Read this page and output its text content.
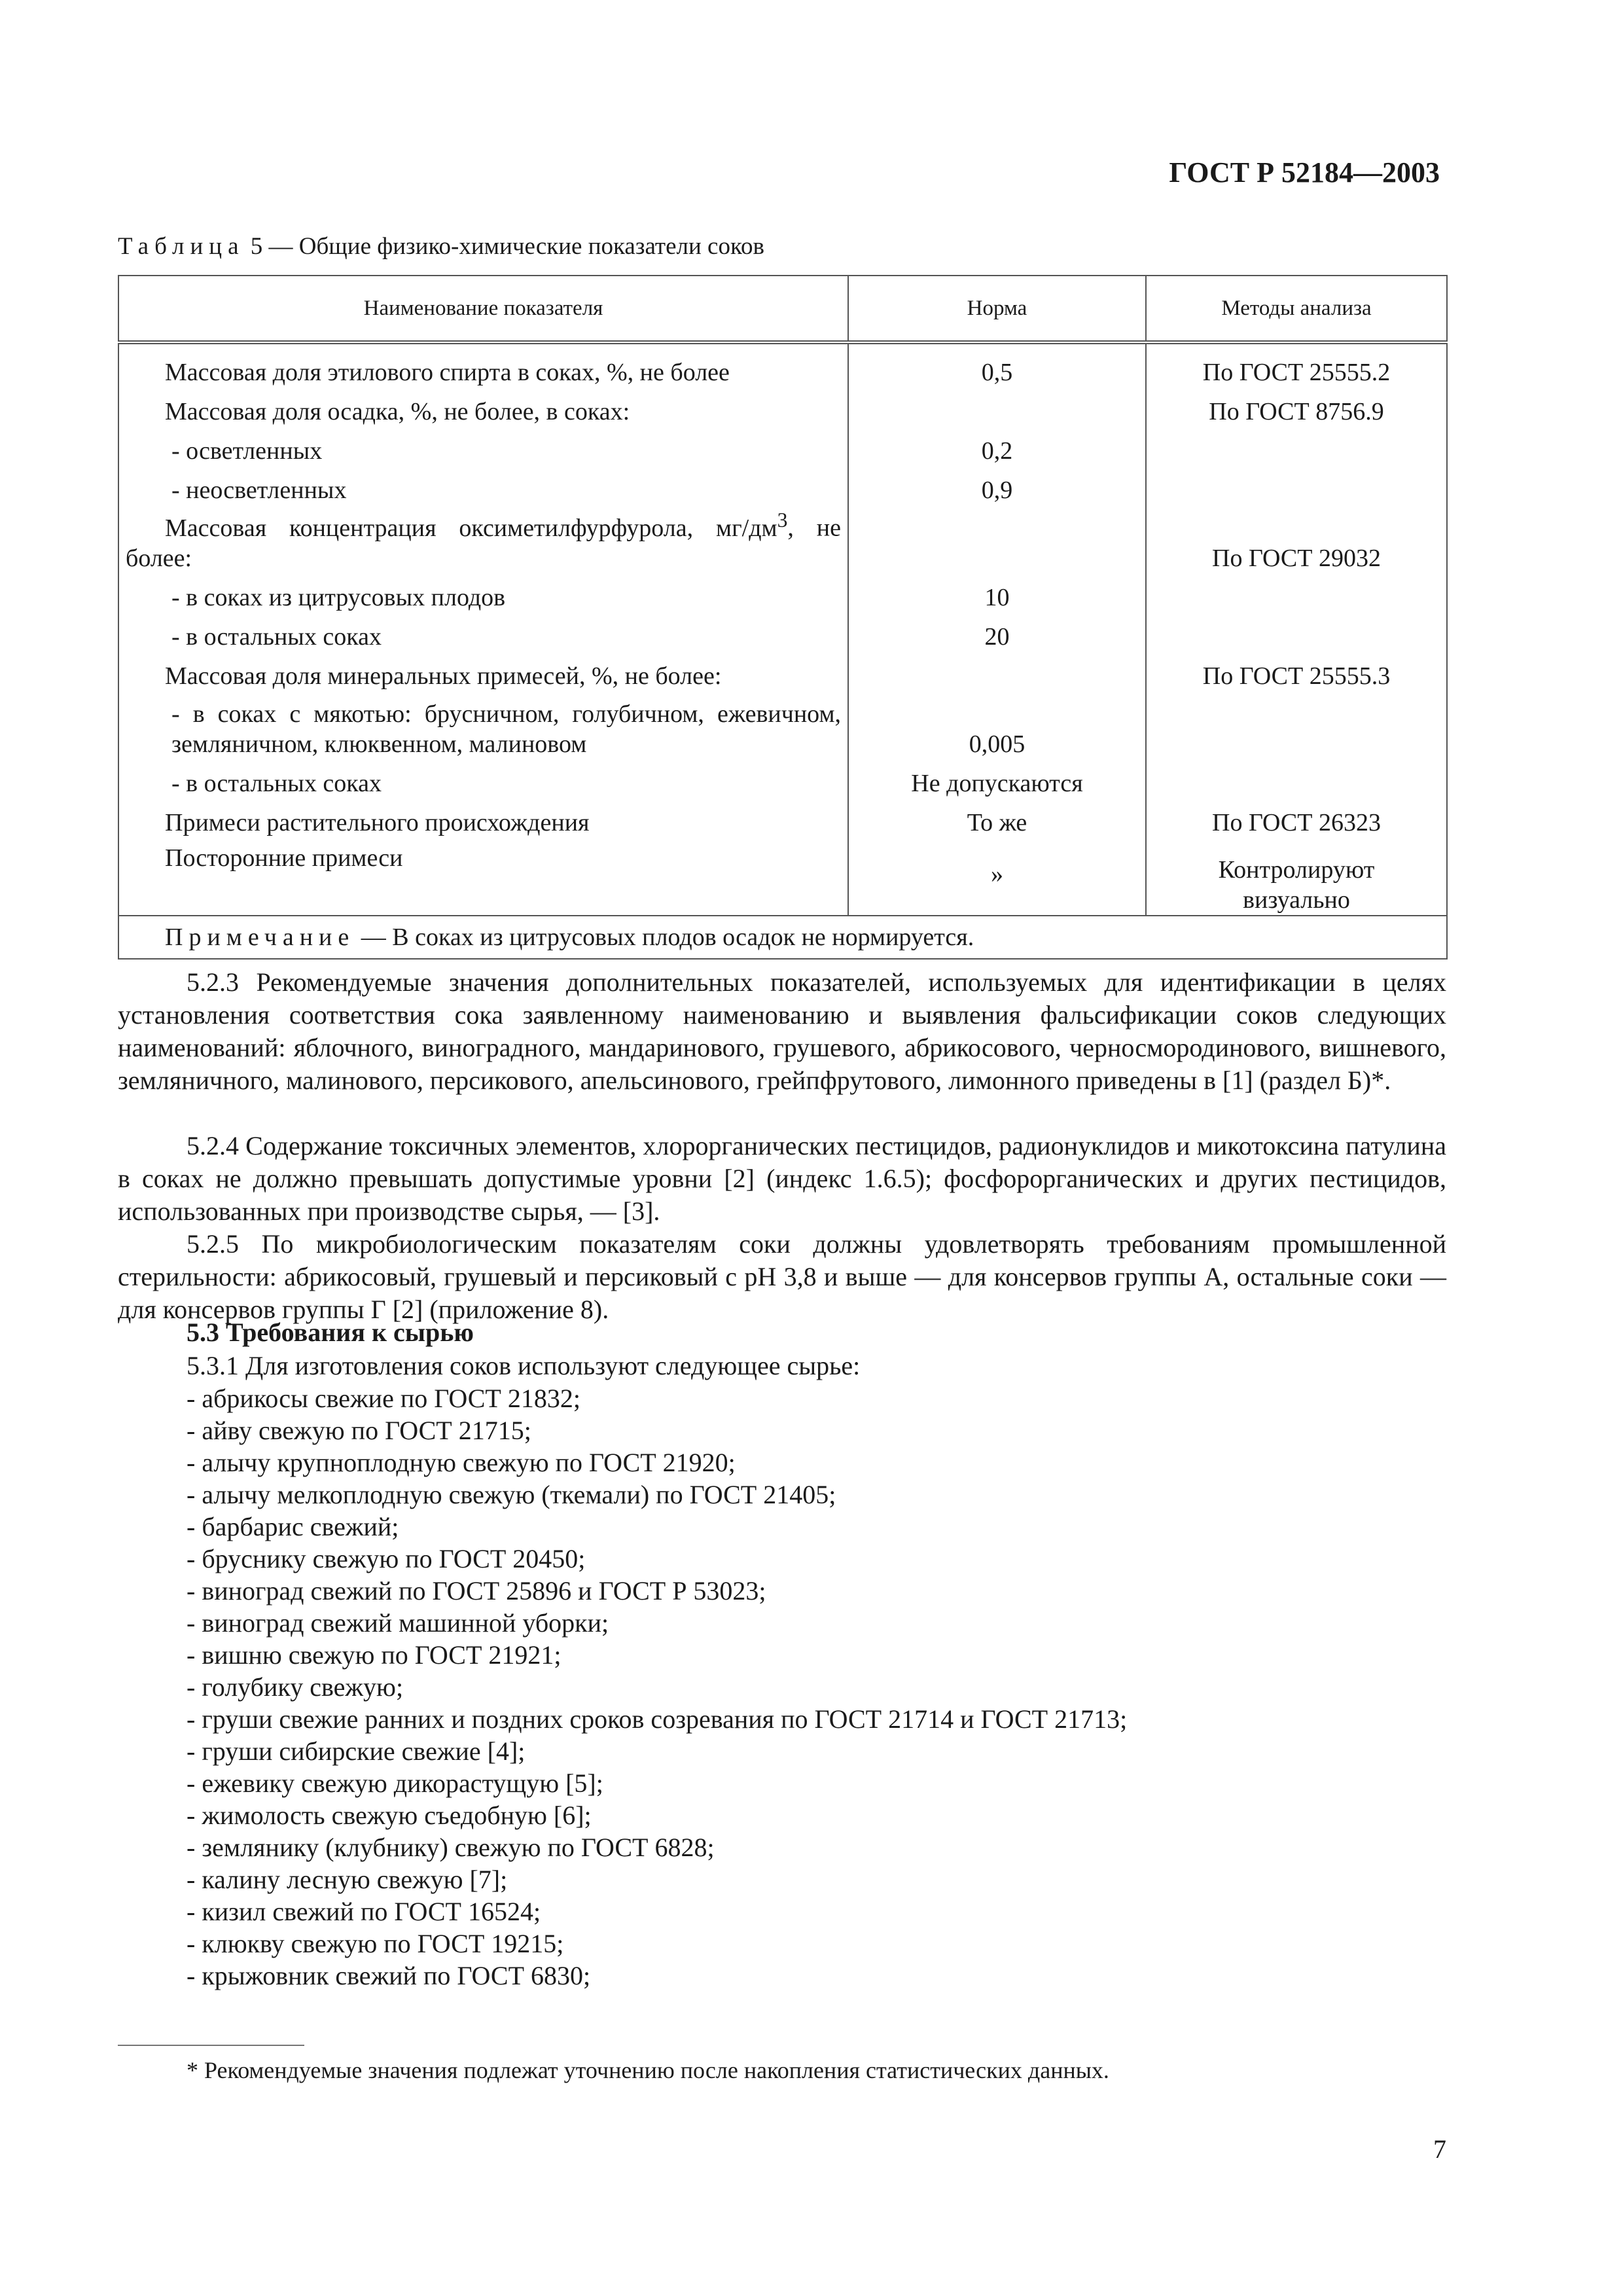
ГОСТ Р 52184—2003
Таблица 5 — Общие физико-химические показатели соков
Наименование показателя	Норма	Методы анализа
Массовая доля этилового спирта в соках, %, не более	0,5	По ГОСТ 25555.2
Массовая доля осадка, %, не более, в соках:		По ГОСТ 8756.9
- осветленных	0,2	
- неосветленных	0,9	
Массовая концентрация оксиметилфурфурола, $мг/дм^3$, не более:		По ГОСТ 29032
- в соках из цитрусовых плодов	10	
- в остальных соках	20	
Массовая доля минеральных примесей, %, не более:		По ГОСТ 25555.3
- в соках с мякотью: брусничном, голубичном, ежевичном, земляничном, клюквенном, малиновом	0,005	
- в остальных соках	Не допускаются	
Примеси растительного происхождения	То же	По ГОСТ 26323
Посторонние примеси	»	Контролируют визуально
Примечание — В соках из цитрусовых плодов осадок не нормируется.		
5.2.3 Рекомендуемые значения дополнительных показателей, используемых для идентификации в целях установления соответствия сока заявленному наименованию и выявления фальсификации соков следующих наименований: яблочного, виноградного, мандаринового, грушевого, абрикосового, черносмородинового, вишневого, земляничного, малинового, персикового, апельсинового, грейпфрутового, лимонного приведены в [1] (раздел Б)*.
5.2.4 Содержание токсичных элементов, хлорорганических пестицидов, радионуклидов и микотоксина патулина в соках не должно превышать допустимые уровни [2] (индекс 1.6.5); фосфорорганических и других пестицидов, использованных при производстве сырья, — [3].
5.2.5 По микробиологическим показателям соки должны удовлетворять требованиям промышленной стерильности: абрикосовый, грушевый и персиковый с pH 3,8 и выше — для консервов группы А, остальные соки — для консервов группы Г [2] (приложение 8).
5.3 Требования к сырью
5.3.1 Для изготовления соков используют следующее сырье:
- абрикосы свежие по ГОСТ 21832;
- айву свежую по ГОСТ 21715;
- алычу крупноплодную свежую по ГОСТ 21920;
- алычу мелкоплодную свежую (ткемали) по ГОСТ 21405;
- барбарис свежий;
- бруснику свежую по ГОСТ 20450;
- виноград свежий по ГОСТ 25896 и ГОСТ Р 53023;
- виноград свежий машинной уборки;
- вишню свежую по ГОСТ 21921;
- голубику свежую;
- груши свежие ранних и поздних сроков созревания по ГОСТ 21714 и ГОСТ 21713;
- груши сибирские свежие [4];
- ежевику свежую дикорастущую [5];
- жимолость свежую съедобную [6];
- землянику (клубнику) свежую по ГОСТ 6828;
- калину лесную свежую [7];
- кизил свежий по ГОСТ 16524;
- клюкву свежую по ГОСТ 19215;
- крыжовник свежий по ГОСТ 6830;
* Рекомендуемые значения подлежат уточнению после накопления статистических данных.
7
